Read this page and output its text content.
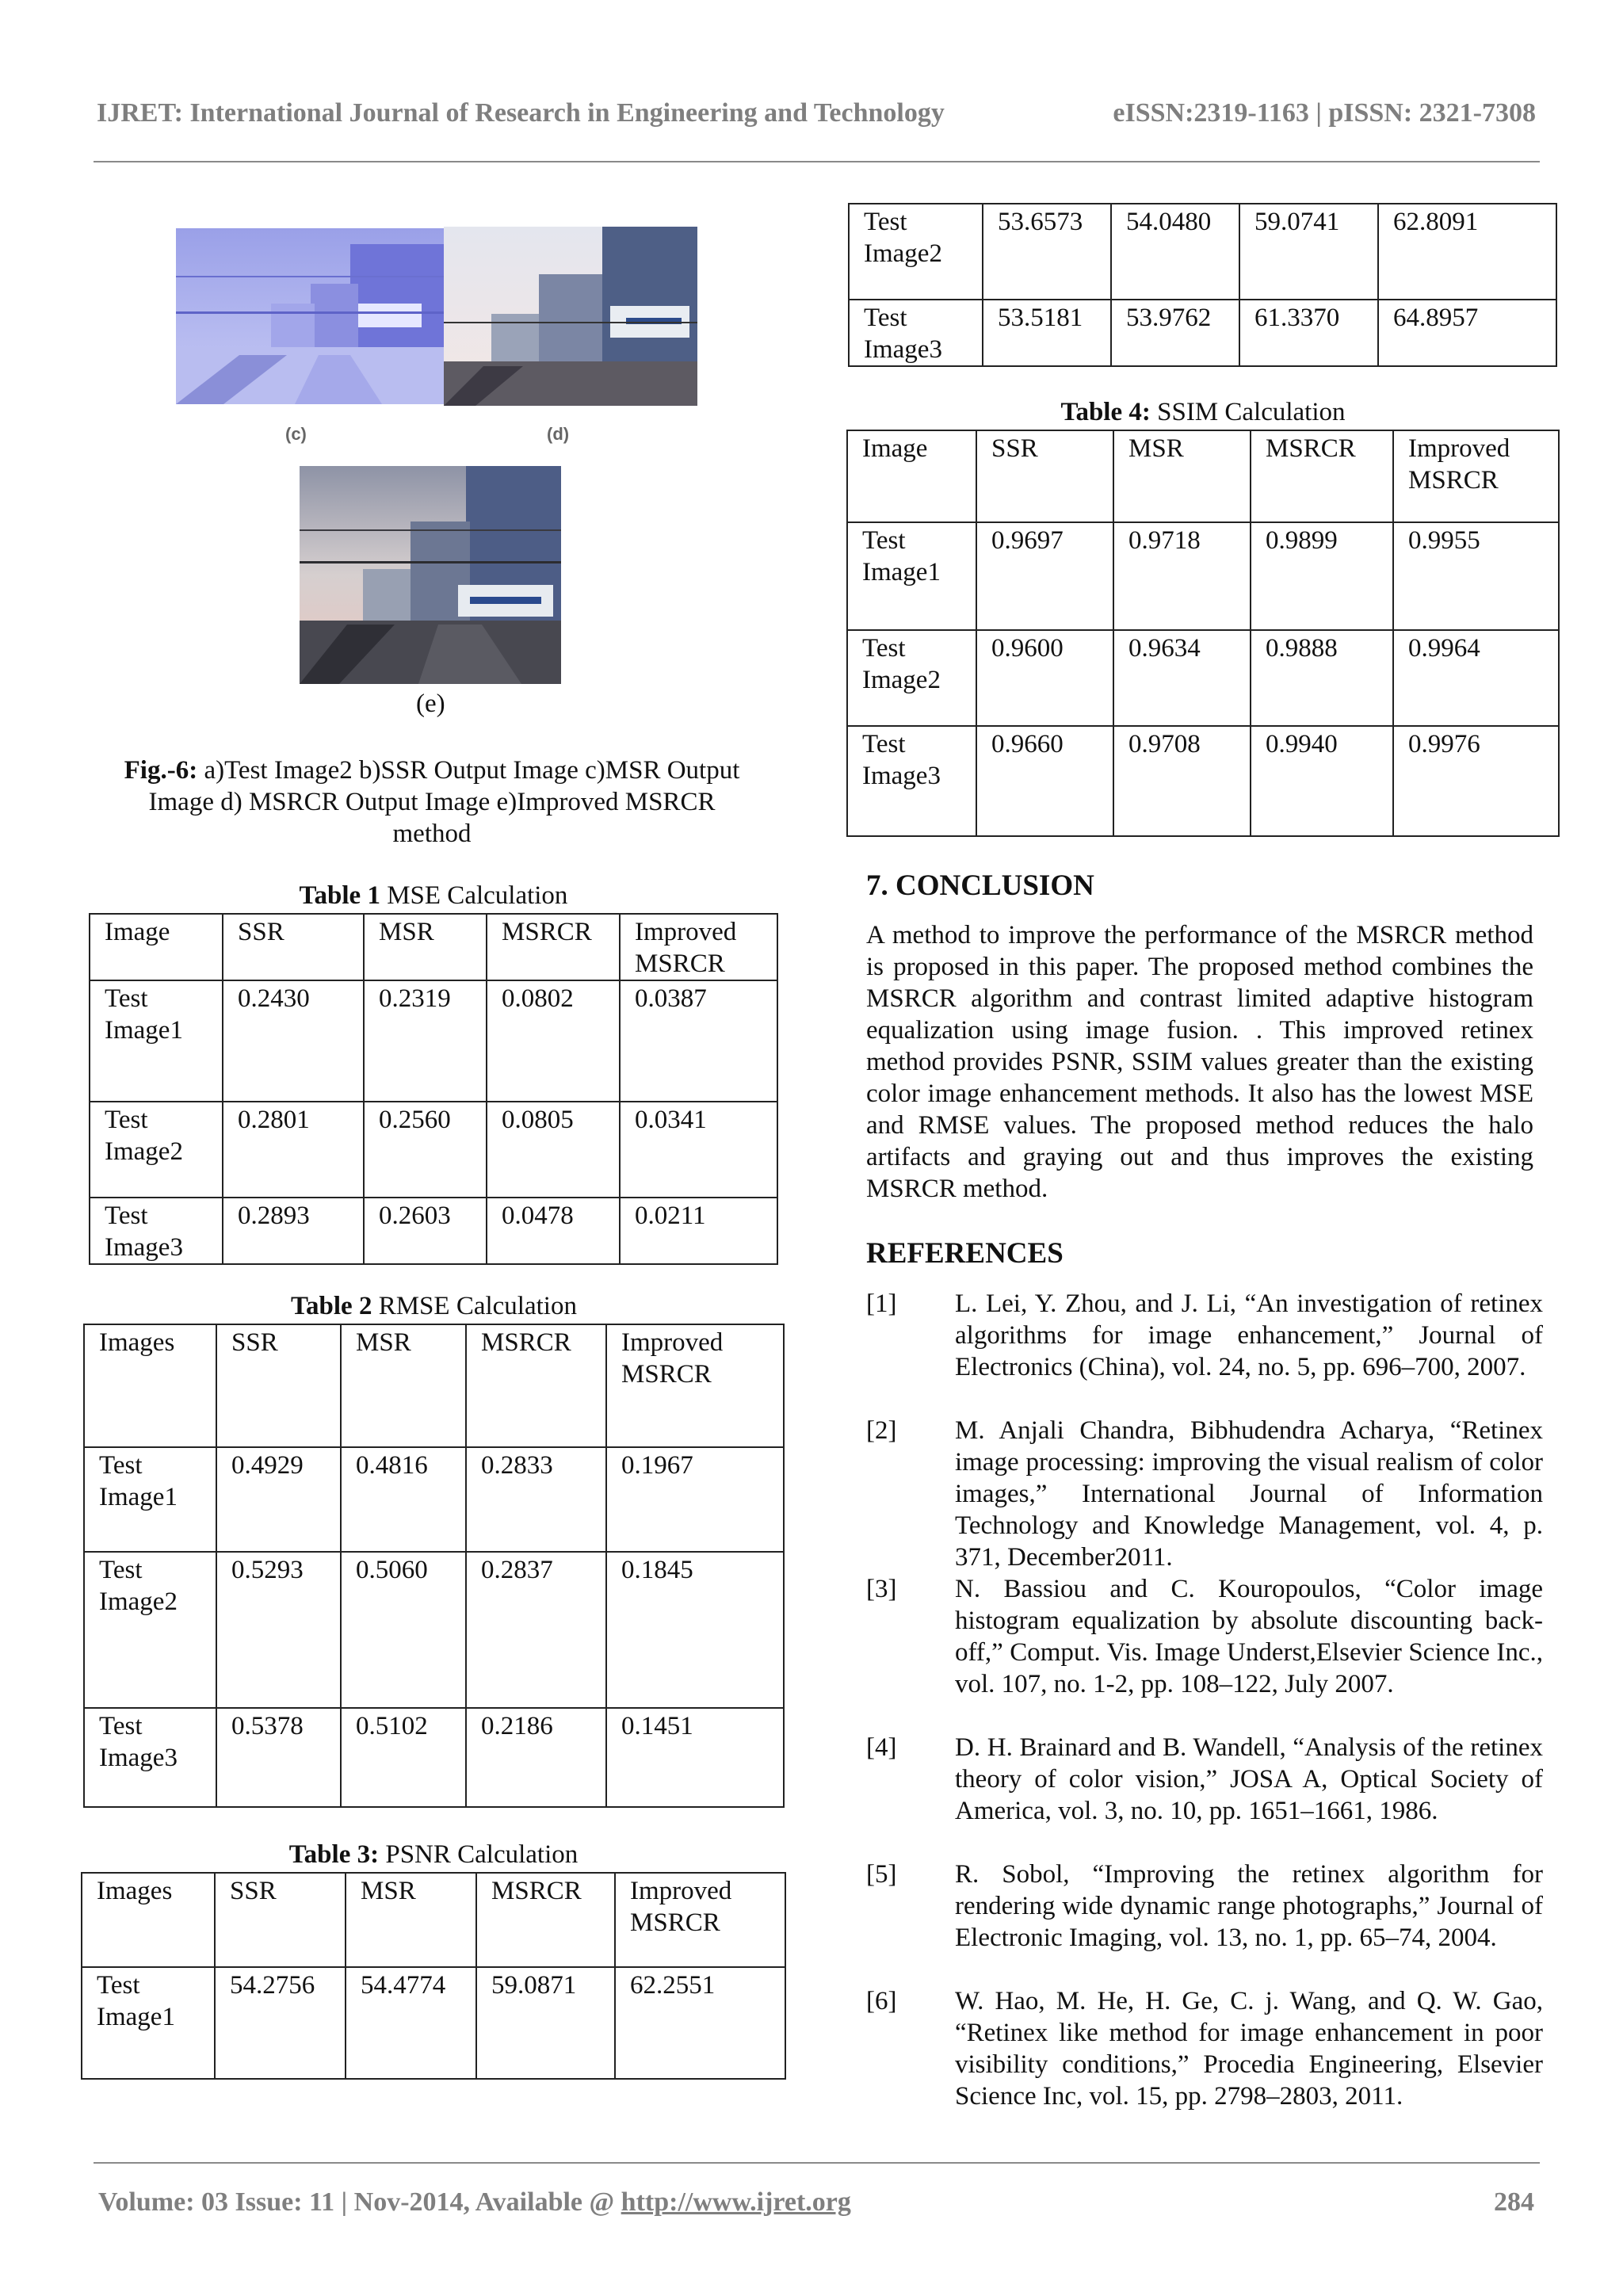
IJRET: International Journal of Research in Engineering and Technology	eISSN:2319-1163 | pISSN: 2321-7308
(c)	(d)
(e)
Fig.-6: a)Test Image2 b)SSR Output Image c)MSR Output
Image d) MSRCR Output Image e)Improved MSRCR
method
Table 1 MSE Calculation
Image	SSR	MSR	MSRCR	Improved MSRCR
Test Image1	0.2430	0.2319	0.0802	0.0387
Test Image2	0.2801	0.2560	0.0805	0.0341
Test Image3	0.2893	0.2603	0.0478	0.0211
Table 2 RMSE Calculation
Images	SSR	MSR	MSRCR	Improved MSRCR
Test Image1	0.4929	0.4816	0.2833	0.1967
Test Image2	0.5293	0.5060	0.2837	0.1845
Test Image3	0.5378	0.5102	0.2186	0.1451
Table 3: PSNR Calculation
Images	SSR	MSR	MSRCR	Improved MSRCR
Test Image1	54.2756	54.4774	59.0871	62.2551
Test Image2	53.6573	54.0480	59.0741	62.8091
Test Image3	53.5181	53.9762	61.3370	64.8957
Table 4: SSIM Calculation
Image	SSR	MSR	MSRCR	Improved MSRCR
Test Image1	0.9697	0.9718	0.9899	0.9955
Test Image2	0.9600	0.9634	0.9888	0.9964
Test Image3	0.9660	0.9708	0.9940	0.9976
7. CONCLUSION
A method to improve the performance of the MSRCR method is proposed in this paper. The proposed method combines the MSRCR algorithm and contrast limited adaptive histogram equalization using image fusion. . This improved retinex method provides PSNR, SSIM values greater than the existing color image enhancement methods. It also has the lowest MSE and RMSE values. The proposed method reduces the halo artifacts and graying out and thus improves the existing MSRCR method.
REFERENCES
[1] L. Lei, Y. Zhou, and J. Li, “An investigation of retinex algorithms for image enhancement,” Journal of Electronics (China), vol. 24, no. 5, pp. 696–700, 2007.
[2] M. Anjali Chandra, Bibhudendra Acharya, “Retinex image processing: improving the visual realism of color images,” International Journal of Information Technology and Knowledge Management, vol. 4, p. 371, December2011.
[3] N. Bassiou and C. Kouropoulos, “Color image histogram equalization by absolute discounting back-off,” Comput. Vis. Image Underst,Elsevier Science Inc., vol. 107, no. 1-2, pp. 108–122, July 2007.
[4] D. H. Brainard and B. Wandell, “Analysis of the retinex theory of color vision,” JOSA A, Optical Society of America, vol. 3, no. 10, pp. 1651–1661, 1986.
[5] R. Sobol, “Improving the retinex algorithm for rendering wide dynamic range photographs,” Journal of Electronic Imaging, vol. 13, no. 1, pp. 65–74, 2004.
[6] W. Hao, M. He, H. Ge, C. j. Wang, and Q. W. Gao, “Retinex like method for image enhancement in poor visibility conditions,” Procedia Engineering, Elsevier Science Inc, vol. 15, pp. 2798–2803, 2011.
Volume: 03 Issue: 11 | Nov-2014, Available @ http://www.ijret.org	284
